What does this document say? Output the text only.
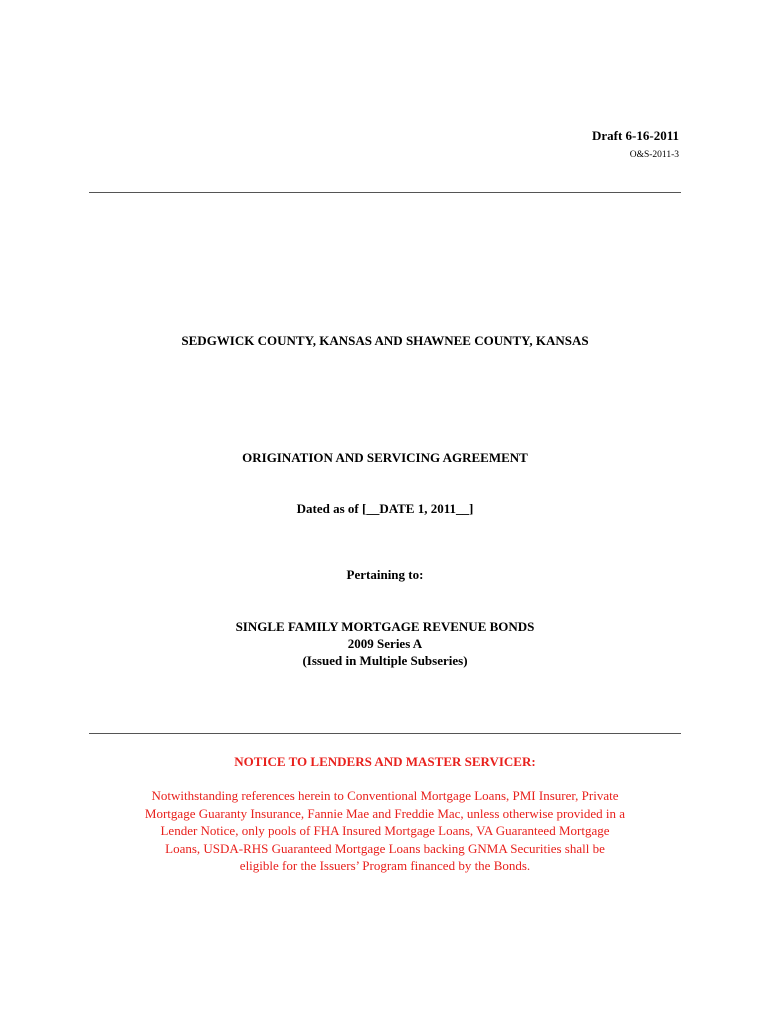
Draft 6-16-2011
O&S-2011-3
SEDGWICK COUNTY, KANSAS AND SHAWNEE COUNTY, KANSAS
ORIGINATION AND SERVICING AGREEMENT
Dated as of [__DATE 1, 2011__]
Pertaining to:
SINGLE FAMILY MORTGAGE REVENUE BONDS
2009 Series A
(Issued in Multiple Subseries)
NOTICE TO LENDERS AND MASTER SERVICER:
Notwithstanding references herein to Conventional Mortgage Loans, PMI Insurer, Private
Mortgage Guaranty Insurance, Fannie Mae and Freddie Mac, unless otherwise provided in a
Lender Notice, only pools of FHA Insured Mortgage Loans, VA Guaranteed Mortgage
Loans, USDA-RHS Guaranteed Mortgage Loans backing GNMA Securities shall be
eligible for the Issuers’ Program financed by the Bonds.
